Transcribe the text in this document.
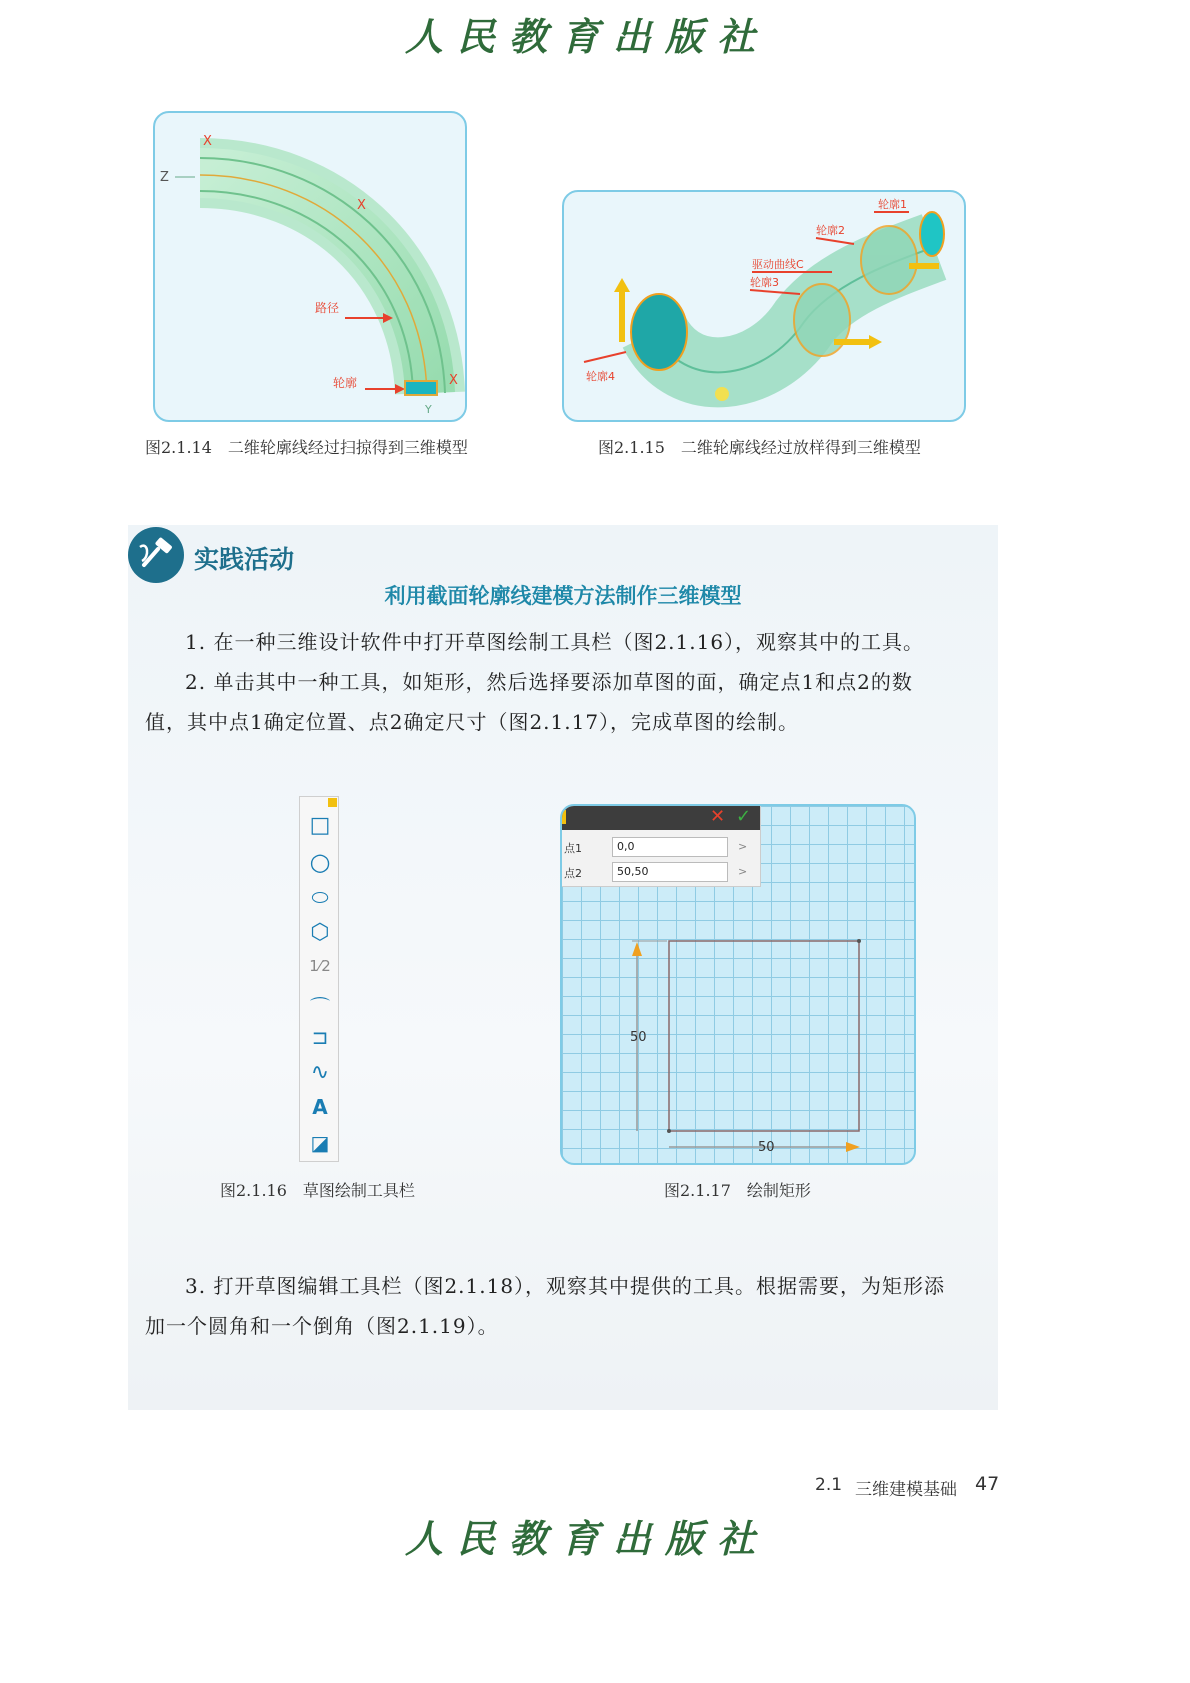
人民教育出版社
Z
X
X
路径
轮廓	X
Y
图2.1.14　二维轮廓线经过扫掠得到三维模型
轮廓1
轮廓2
驱动曲线C
轮廓3
轮廓4
图2.1.15　二维轮廓线经过放样得到三维模型
实践活动
利用截面轮廓线建模方法制作三维模型
1. 在一种三维设计软件中打开草图绘制工具栏（图2.1.16），观察其中的工具。
2. 单击其中一种工具，如矩形，然后选择要添加草图的面，确定点1和点2的数
值，其中点1确定位置、点2确定尺寸（图2.1.17），完成草图的绘制。
□
○
⬭
⬡
1⁄2
⌒
⊐
∿
A
◪
图2.1.16　草图绘制工具栏
50
50
✕ ✓
点1	0,0	>
点2	50,50	>
图2.1.17　绘制矩形
3. 打开草图编辑工具栏（图2.1.18），观察其中提供的工具。根据需要，为矩形添
加一个圆角和一个倒角（图2.1.19）。
2.1 三维建模基础 47
人民教育出版社
